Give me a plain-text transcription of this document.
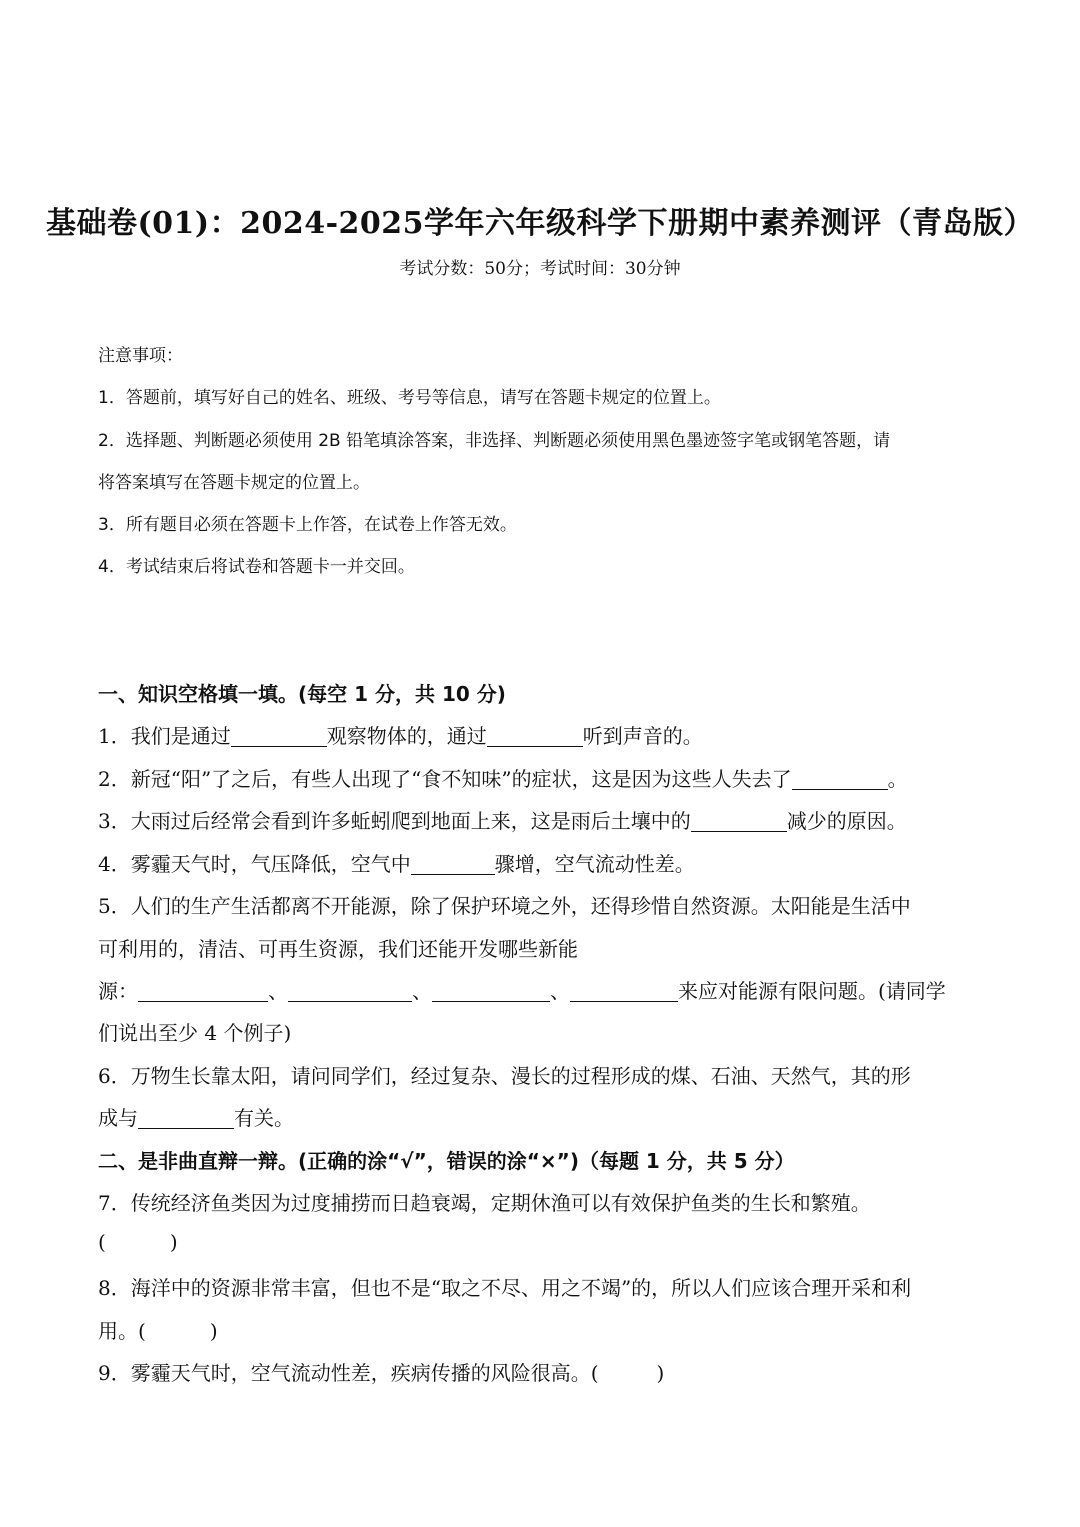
基础卷(01)：2024-2025学年六年级科学下册期中素养测评（青岛版）
考试分数：50分；考试时间：30分钟
注意事项：
1．答题前，填写好自己的姓名、班级、考号等信息，请写在答题卡规定的位置上。
2．选择题、判断题必须使用 2B 铅笔填涂答案，非选择、判断题必须使用黑色墨迹签字笔或钢笔答题，请
将答案填写在答题卡规定的位置上。
3．所有题目必须在答题卡上作答，在试卷上作答无效。
4．考试结束后将试卷和答题卡一并交回。
一、知识空格填一填。(每空 1 分，共 10 分)
1．我们是通过	观察物体的，通过	听到声音的。
2．新冠“阳”了之后，有些人出现了“食不知味”的症状，这是因为这些人失去了	。
3．大雨过后经常会看到许多蚯蚓爬到地面上来，这是雨后土壤中的	减少的原因。
4．雾霾天气时，气压降低，空气中	骤增，空气流动性差。
5．人们的生产生活都离不开能源，除了保护环境之外，还得珍惜自然资源。太阳能是生活中
可利用的，清洁、可再生资源，我们还能开发哪些新能
源：	、	、	、	来应对能源有限问题。(请同学
们说出至少 4 个例子)
6．万物生长靠太阳，请问同学们，经过复杂、漫长的过程形成的煤、石油、天然气，其的形
成与	有关。
二、是非曲直辩一辩。(正确的涂“√”，错误的涂“×”)（每题 1 分，共 5 分）
7．传统经济鱼类因为过度捕捞而日趋衰竭，定期休渔可以有效保护鱼类的生长和繁殖。
(	)
8．海洋中的资源非常丰富，但也不是“取之不尽、用之不竭”的，所以人们应该合理开采和利
用。(	)
9．雾霾天气时，空气流动性差，疾病传播的风险很高。(	)
